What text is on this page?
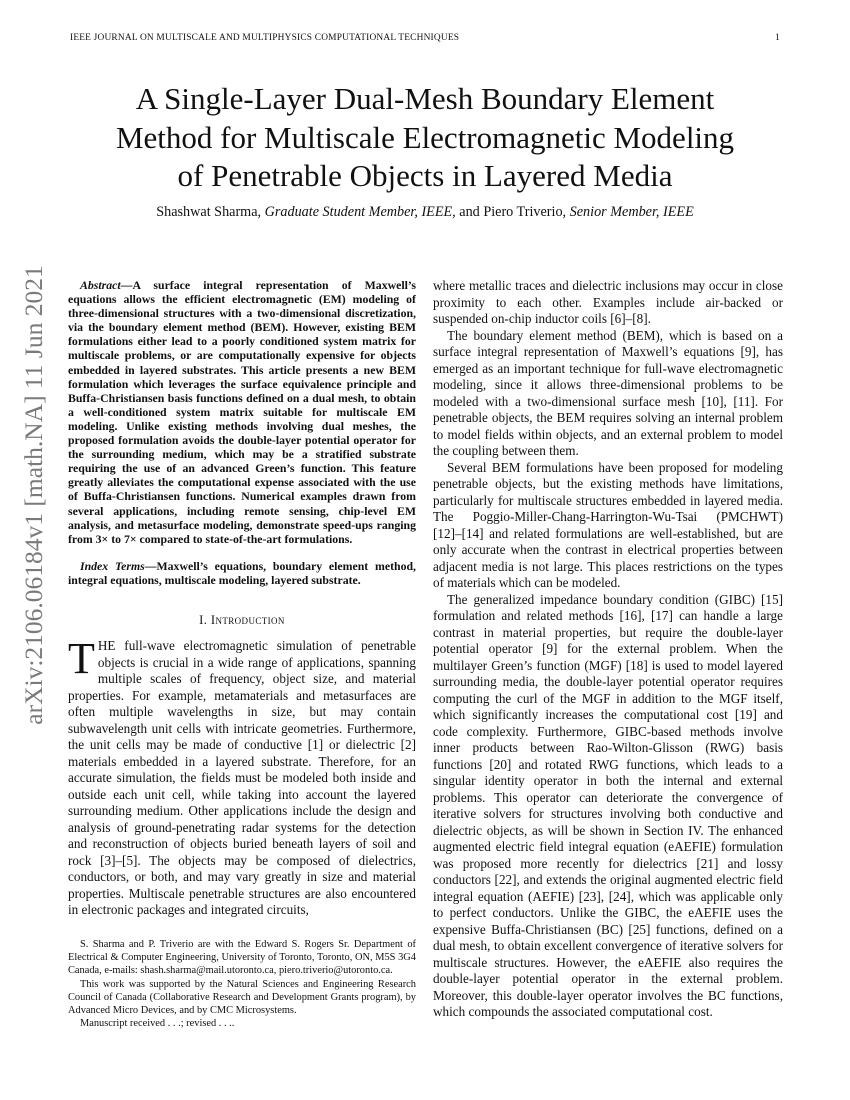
IEEE JOURNAL ON MULTISCALE AND MULTIPHYSICS COMPUTATIONAL TECHNIQUES	1
A Single-Layer Dual-Mesh Boundary Element
Method for Multiscale Electromagnetic Modeling
of Penetrable Objects in Layered Media
Shashwat Sharma, Graduate Student Member, IEEE, and Piero Triverio, Senior Member, IEEE
arXiv:2106.06184v1 [math.NA] 11 Jun 2021	Abstract—A surface integral representation of Maxwell’s equations allows the efficient electromagnetic (EM) modeling of three-dimensional structures with a two-dimensional discretization, via the boundary element method (BEM). However, existing BEM formulations either lead to a poorly conditioned system matrix for multiscale problems, or are computationally expensive for objects embedded in layered substrates. This article presents a new BEM formulation which leverages the surface equivalence principle and Buffa-Christiansen basis functions defined on a dual mesh, to obtain a well-conditioned system matrix suitable for multiscale EM modeling. Unlike existing methods involving dual meshes, the proposed formulation avoids the double-layer potential operator for the surrounding medium, which may be a stratified substrate requiring the use of an advanced Green’s function. This feature greatly alleviates the computational expense associated with the use of Buffa-Christiansen functions. Numerical examples drawn from several applications, including remote sensing, chip-level EM analysis, and metasurface modeling, demonstrate speed-ups ranging from 3× to 7× compared to state-of-the-art formulations.

Index Terms—Maxwell’s equations, boundary element method, integral equations, multiscale modeling, layered substrate.

I. Introduction

THE full-wave electromagnetic simulation of penetrable objects is crucial in a wide range of applications, spanning multiple scales of frequency, object size, and material properties. For example, metamaterials and metasurfaces are often multiple wavelengths in size, but may contain subwavelength unit cells with intricate geometries. Furthermore, the unit cells may be made of conductive [1] or dielectric [2] materials embedded in a layered substrate. Therefore, for an accurate simulation, the fields must be modeled both inside and outside each unit cell, while taking into account the layered surrounding medium. Other applications include the design and analysis of ground-penetrating radar systems for the detection and reconstruction of objects buried beneath layers of soil and rock [3]–[5]. The objects may be composed of dielectrics, conductors, or both, and may vary greatly in size and material properties. Multiscale penetrable structures are also encountered in electronic packages and integrated circuits,

where metallic traces and dielectric inclusions may occur in close proximity to each other. Examples include air-backed or suspended on-chip inductor coils [6]–[8].

The boundary element method (BEM), which is based on a surface integral representation of Maxwell’s equations [9], has emerged as an important technique for full-wave electromagnetic modeling, since it allows three-dimensional problems to be modeled with a two-dimensional surface mesh [10], [11]. For penetrable objects, the BEM requires solving an internal problem to model fields within objects, and an external problem to model the coupling between them.

Several BEM formulations have been proposed for modeling penetrable objects, but the existing methods have limitations, particularly for multiscale structures embedded in layered media. The Poggio-Miller-Chang-Harrington-Wu-Tsai (PMCHWT) [12]–[14] and related formulations are well-established, but are only accurate when the contrast in electrical properties between adjacent media is not large. This places restrictions on the types of materials which can be modeled.

The generalized impedance boundary condition (GIBC) [15] formulation and related methods [16], [17] can handle a large contrast in material properties, but require the double-layer potential operator [9] for the external problem. When the multilayer Green’s function (MGF) [18] is used to model layered surrounding media, the double-layer potential operator requires computing the curl of the MGF in addition to the MGF itself, which significantly increases the computational cost [19] and code complexity. Furthermore, GIBC-based methods involve inner products between Rao-Wilton-Glisson (RWG) basis functions [20] and rotated RWG functions, which leads to a singular identity operator in both the internal and external problems. This operator can deteriorate the convergence of iterative solvers for structures involving both conductive and dielectric objects, as will be shown in Section IV. The enhanced augmented electric field integral equation (eAEFIE) formulation was proposed more recently for dielectrics [21] and lossy conductors [22], and extends the original augmented electric field integral equation (AEFIE) [23], [24], which was applicable only to perfect conductors. Unlike the GIBC, the eAEFIE uses the expensive Buffa-Christiansen (BC) [25] functions, defined on a dual mesh, to obtain excellent convergence of iterative solvers for multiscale structures. However, the eAEFIE also requires the double-layer potential operator in the external problem. Moreover, this double-layer operator involves the BC functions, which compounds the associated computational cost.

S. Sharma and P. Triverio are with the Edward S. Rogers Sr. Department of Electrical & Computer Engineering, University of Toronto, Toronto, ON, M5S 3G4 Canada, e-mails: shash.sharma@mail.utoronto.ca, piero.triverio@utoronto.ca.

This work was supported by the Natural Sciences and Engineering Research Council of Canada (Collaborative Research and Development Grants program), by Advanced Micro Devices, and by CMC Microsystems.

Manuscript received . . .; revised . . ..
